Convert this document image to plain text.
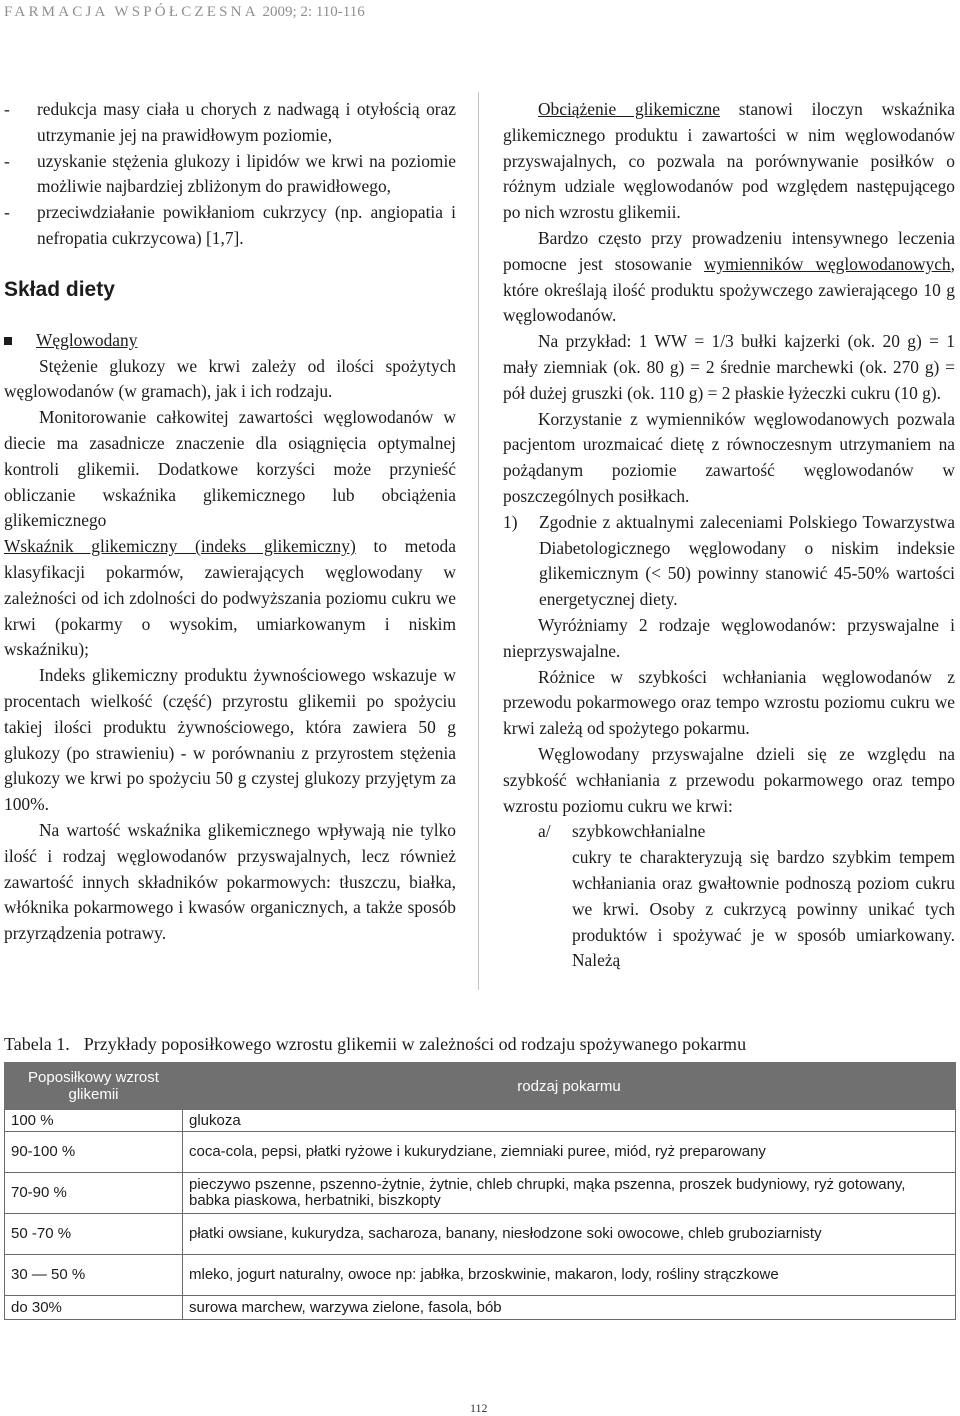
FARMACJA WSPÓŁCZESNA 2009; 2: 110-116
-	redukcja masy ciała u chorych z nadwagą i otyłością oraz utrzymanie jej na prawidłowym poziomie,
-	uzyskanie stężenia glukozy i lipidów we krwi na poziomie możliwie najbardziej zbliżonym do prawidłowego,
-	przeciwdziałanie powikłaniom cukrzycy (np. angiopatia i nefropatia cukrzycowa) [1,7].
Skład diety
Węglowodany

Stężenie glukozy we krwi zależy od ilości spożytych węglowodanów (w gramach), jak i ich rodzaju.

Monitorowanie całkowitej zawartości węglowodanów w diecie ma zasadnicze znaczenie dla osiągnięcia optymalnej kontroli glikemii. Dodatkowe korzyści może przynieść obliczanie wskaźnika glikemicznego lub obciążenia glikemicznego

Wskaźnik glikemiczny (indeks glikemiczny) to metoda klasyfikacji pokarmów, zawierających węglowodany w zależności od ich zdolności do podwyższania poziomu cukru we krwi (pokarmy o wysokim, umiarkowanym i niskim wskaźniku);

Indeks glikemiczny produktu żywnościowego wskazuje w procentach wielkość (część) przyrostu glikemii po spożyciu takiej ilości produktu żywnościowego, która zawiera 50 g glukozy (po strawieniu) - w porównaniu z przyrostem stężenia glukozy we krwi po spożyciu 50 g czystej glukozy przyjętym za 100%.

Na wartość wskaźnika glikemicznego wpływają nie tylko ilość i rodzaj węglowodanów przyswajalnych, lecz również zawartość innych składników pokarmowych: tłuszczu, białka, włóknika pokarmowego i kwasów organicznych, a także sposób przyrządzenia potrawy.

Obciążenie glikemiczne stanowi iloczyn wskaźnika glikemicznego produktu i zawartości w nim węglowodanów przyswajalnych, co pozwala na porównywanie posiłków o różnym udziale węglowodanów pod względem następującego po nich wzrostu glikemii.

Bardzo często przy prowadzeniu intensywnego leczenia pomocne jest stosowanie wymienników węglowodanowych, które określają ilość produktu spożywczego zawierającego 10 g węglowodanów.

Na przykład: 1 WW = 1/3 bułki kajzerki (ok. 20 g) = 1 mały ziemniak (ok. 80 g) = 2 średnie marchewki (ok. 270 g) = pół dużej gruszki (ok. 110 g) = 2 płaskie łyżeczki cukru (10 g).

Korzystanie z wymienników węglowodanowych pozwala pacjentom urozmaicać dietę z równoczesnym utrzymaniem na pożądanym poziomie zawartość węglowodanów w poszczególnych posiłkach.

1)	Zgodnie z aktualnymi zaleceniami Polskiego Towarzystwa Diabetologicznego węglowodany o niskim indeksie glikemicznym (< 50) powinny stanowić 45-50% wartości energetycznej diety.

Wyróżniamy 2 rodzaje węglowodanów: przyswajalne i nieprzyswajalne.

Różnice w szybkości wchłaniania węglowodanów z przewodu pokarmowego oraz tempo wzrostu poziomu cukru we krwi zależą od spożytego pokarmu.

Węglowodany przyswajalne dzieli się ze względu na szybkość wchłaniania z przewodu pokarmowego oraz tempo wzrostu poziomu cukru we krwi:

a/	szybkowchłanialne

cukry te charakteryzują się bardzo szybkim tempem wchłaniania oraz gwałtownie podnoszą poziom cukru we krwi. Osoby z cukrzycą powinny unikać tych produktów i spożywać je w sposób umiarkowany. Należą

Tabela 1. Przykłady poposiłkowego wzrostu glikemii w zależności od rodzaju spożywanego pokarmu
Poposiłkowy wzrost glikemii	rodzaj pokarmu
100 %	glukoza
90-100 %	coca-cola, pepsi, płatki ryżowe i kukurydziane, ziemniaki puree, miód, ryż preparowany
70-90 %	pieczywo pszenne, pszenno-żytnie, żytnie, chleb chrupki, mąka pszenna, proszek budyniowy, ryż gotowany, babka piaskowa, herbatniki, biszkopty
50 -70 %	płatki owsiane, kukurydza, sacharoza, banany, niesłodzone soki owocowe, chleb gruboziarnisty
30 — 50 %	mleko, jogurt naturalny, owoce np: jabłka, brzoskwinie, makaron, lody, rośliny strączkowe
do 30%	surowa marchew, warzywa zielone, fasola, bób
112
